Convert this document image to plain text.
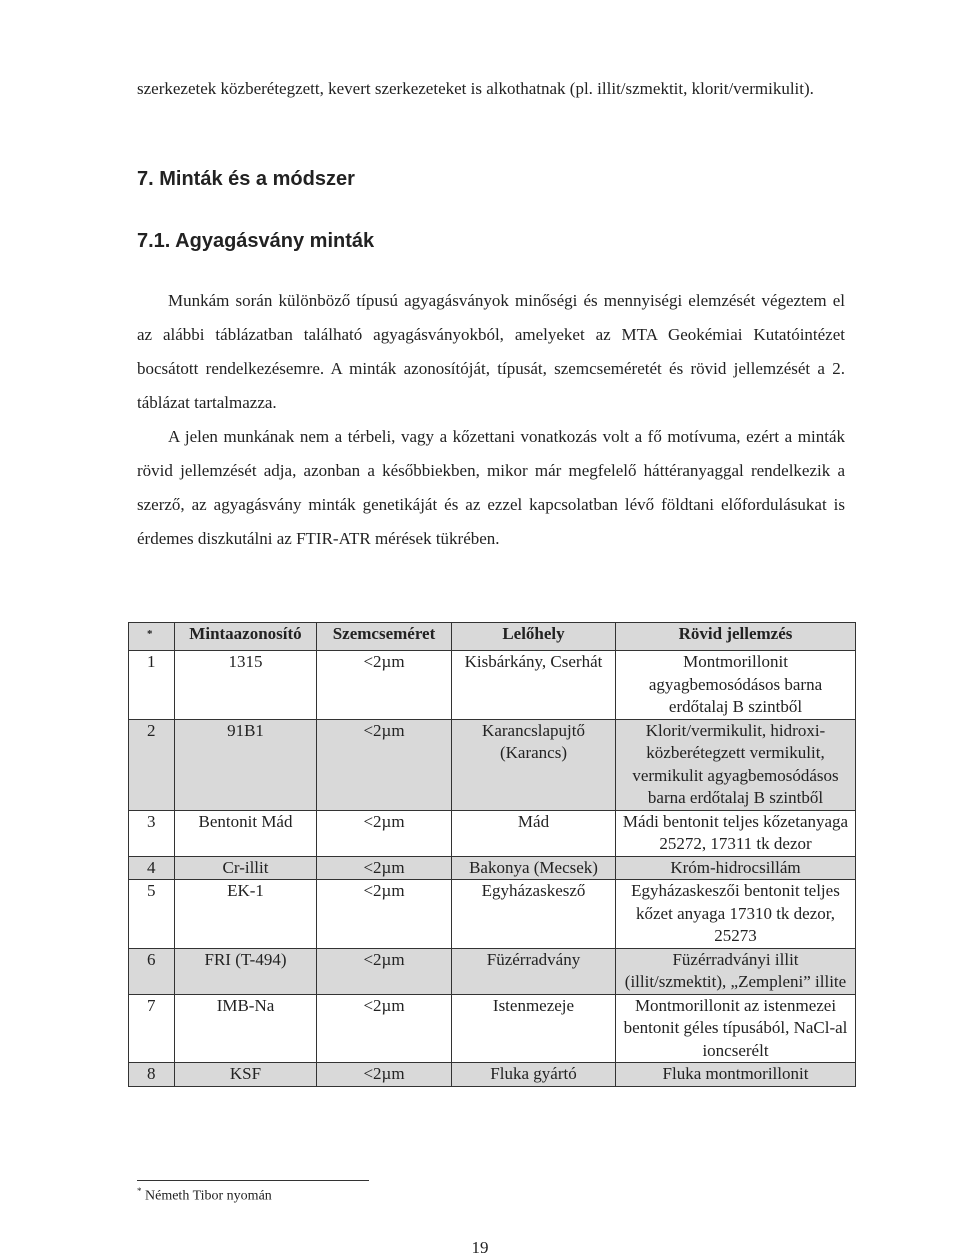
szerkezetek közberétegzett, kevert szerkezeteket is alkothatnak (pl. illit/szmektit, klorit/vermikulit).

7. Minták és a módszer
7.1. Agyagásvány minták

Munkám során különböző típusú agyagásványok minőségi és mennyiségi elemzését végeztem el az alábbi táblázatban található agyagásványokból, amelyeket az MTA Geokémiai Kutatóintézet bocsátott rendelkezésemre. A minták azonosítóját, típusát, szemcseméretét és rövid jellemzését a 2. táblázat tartalmazza.

A jelen munkának nem a térbeli, vagy a kőzettani vonatkozás volt a fő motívuma, ezért a minták rövid jellemzését adja, azonban a későbbiekben, mikor már megfelelő háttéranyaggal rendelkezik a szerző, az agyagásvány minták genetikáját és az ezzel kapcsolatban lévő földtani előfordulásukat is érdemes diszkutálni az FTIR-ATR mérések tükrében.

*	Mintaazonosító	Szemcseméret	Lelőhely	Rövid jellemzés
1	1315	<2µm	Kisbárkány, Cserhát	Montmorillonit agyagbemosódásos barna erdőtalaj B szintből
2	91B1	<2µm	Karancslapujtő (Karancs)	Klorit/vermikulit, hidroxi-közberétegzett vermikulit, vermikulit agyagbemosódásos barna erdőtalaj B szintből
3	Bentonit Mád	<2µm	Mád	Mádi bentonit teljes kőzetanyaga 25272, 17311 tk dezor
4	Cr-illit	<2µm	Bakonya (Mecsek)	Króm-hidrocsillám
5	EK-1	<2µm	Egyházaskesző	Egyházaskeszői bentonit teljes kőzet anyaga 17310 tk dezor, 25273
6	FRI (T-494)	<2µm	Füzérradvány	Füzérradványi illit (illit/szmektit), „Zempleni” illite
7	IMB-Na	<2µm	Istenmezeje	Montmorillonit az istenmezei bentonit géles típusából, NaCl-al ioncserélt
8	KSF	<2µm	Fluka gyártó	Fluka montmorillonit

* Németh Tibor nyomán

19
